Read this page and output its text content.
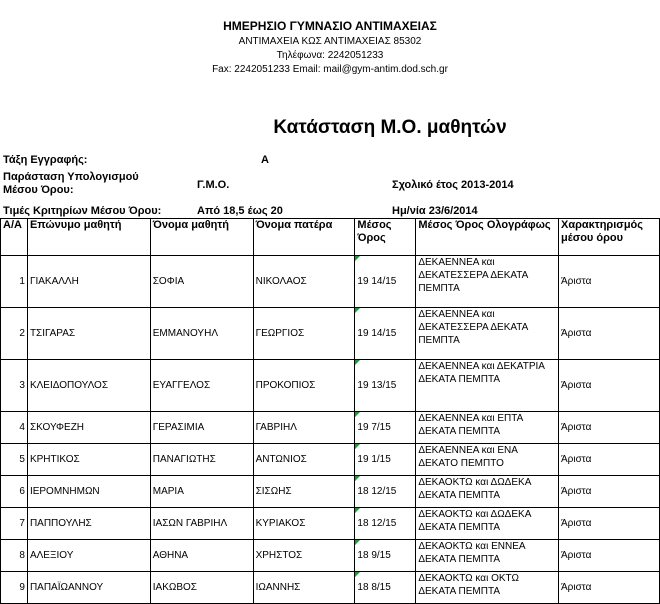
ΗΜΕΡΗΣΙΟ ΓΥΜΝΑΣΙΟ ΑΝΤΙΜΑΧΕΙΑΣ
ΑΝΤΙΜΑΧΕΙΑ ΚΩΣ ΑΝΤΙΜΑΧΕΙΑΣ 85302
Τηλέφωνα: 2242051233
Fax: 2242051233 Email: mail@gym-antim.dod.sch.gr
Κατάσταση Μ.Ο. μαθητών
Τάξη Εγγραφής:	Α
Παράσταση Υπολογισμού Μέσου Όρου:	Γ.Μ.Ο.	Σχολικό έτος 2013-2014
Τιμές Κριτηρίων Μέσου Όρου:	Από 18,5 έως 20	Ημ/νία 23/6/2014
Α/Α	Επώνυμο μαθητή	Όνομα μαθητή	Όνομα πατέρα	Μέσος Όρος	Μέσος Όρος Ολογράφως	Χαρακτηρισμός μέσου όρου
1	ΓΙΑΚΑΛΛΗ	ΣΟΦΙΑ	ΝΙΚΟΛΑΟΣ	19 14/15	ΔΕΚΑΕΝΝΕΑ και ΔΕΚΑΤΕΣΣΕΡΑ ΔΕΚΑΤΑ ΠΕΜΠΤΑ	Άριστα
2	ΤΣΙΓΑΡΑΣ	ΕΜΜΑΝΟΥΗΛ	ΓΕΩΡΓΙΟΣ	19 14/15	ΔΕΚΑΕΝΝΕΑ και ΔΕΚΑΤΕΣΣΕΡΑ ΔΕΚΑΤΑ ΠΕΜΠΤΑ	Άριστα
3	ΚΛΕΙΔΟΠΟΥΛΟΣ	ΕΥΑΓΓΕΛΟΣ	ΠΡΟΚΟΠΙΟΣ	19 13/15	ΔΕΚΑΕΝΝΕΑ και ΔΕΚΑΤΡΙΑ ΔΕΚΑΤΑ ΠΕΜΠΤΑ	Άριστα
4	ΣΚΟΥΦΕΖΗ	ΓΕΡΑΣΙΜΙΑ	ΓΑΒΡΙΗΛ	19 7/15	ΔΕΚΑΕΝΝΕΑ και ΕΠΤΑ ΔΕΚΑΤΑ ΠΕΜΠΤΑ	Άριστα
5	ΚΡΗΤΙΚΟΣ	ΠΑΝΑΓΙΩΤΗΣ	ΑΝΤΩΝΙΟΣ	19 1/15	ΔΕΚΑΕΝΝΕΑ και ΕΝΑ ΔΕΚΑΤΟ ΠΕΜΠΤΟ	Άριστα
6	ΙΕΡΟΜΝΗΜΩΝ	ΜΑΡΙΑ	ΣΙΣΩΗΣ	18 12/15	ΔΕΚΑΟΚΤΩ και ΔΩΔΕΚΑ ΔΕΚΑΤΑ ΠΕΜΠΤΑ	Άριστα
7	ΠΑΠΠΟΥΛΗΣ	ΙΑΣΩΝ ΓΑΒΡΙΗΛ	ΚΥΡΙΑΚΟΣ	18 12/15	ΔΕΚΑΟΚΤΩ και ΔΩΔΕΚΑ ΔΕΚΑΤΑ ΠΕΜΠΤΑ	Άριστα
8	ΑΛΕΞΙΟΥ	ΑΘΗΝΑ	ΧΡΗΣΤΟΣ	18 9/15	ΔΕΚΑΟΚΤΩ και ΕΝΝΕΑ ΔΕΚΑΤΑ ΠΕΜΠΤΑ	Άριστα
9	ΠΑΠΑΪΩΑΝΝΟΥ	ΙΑΚΩΒΟΣ	ΙΩΑΝΝΗΣ	18 8/15	ΔΕΚΑΟΚΤΩ και ΟΚΤΩ ΔΕΚΑΤΑ ΠΕΜΠΤΑ	Άριστα
